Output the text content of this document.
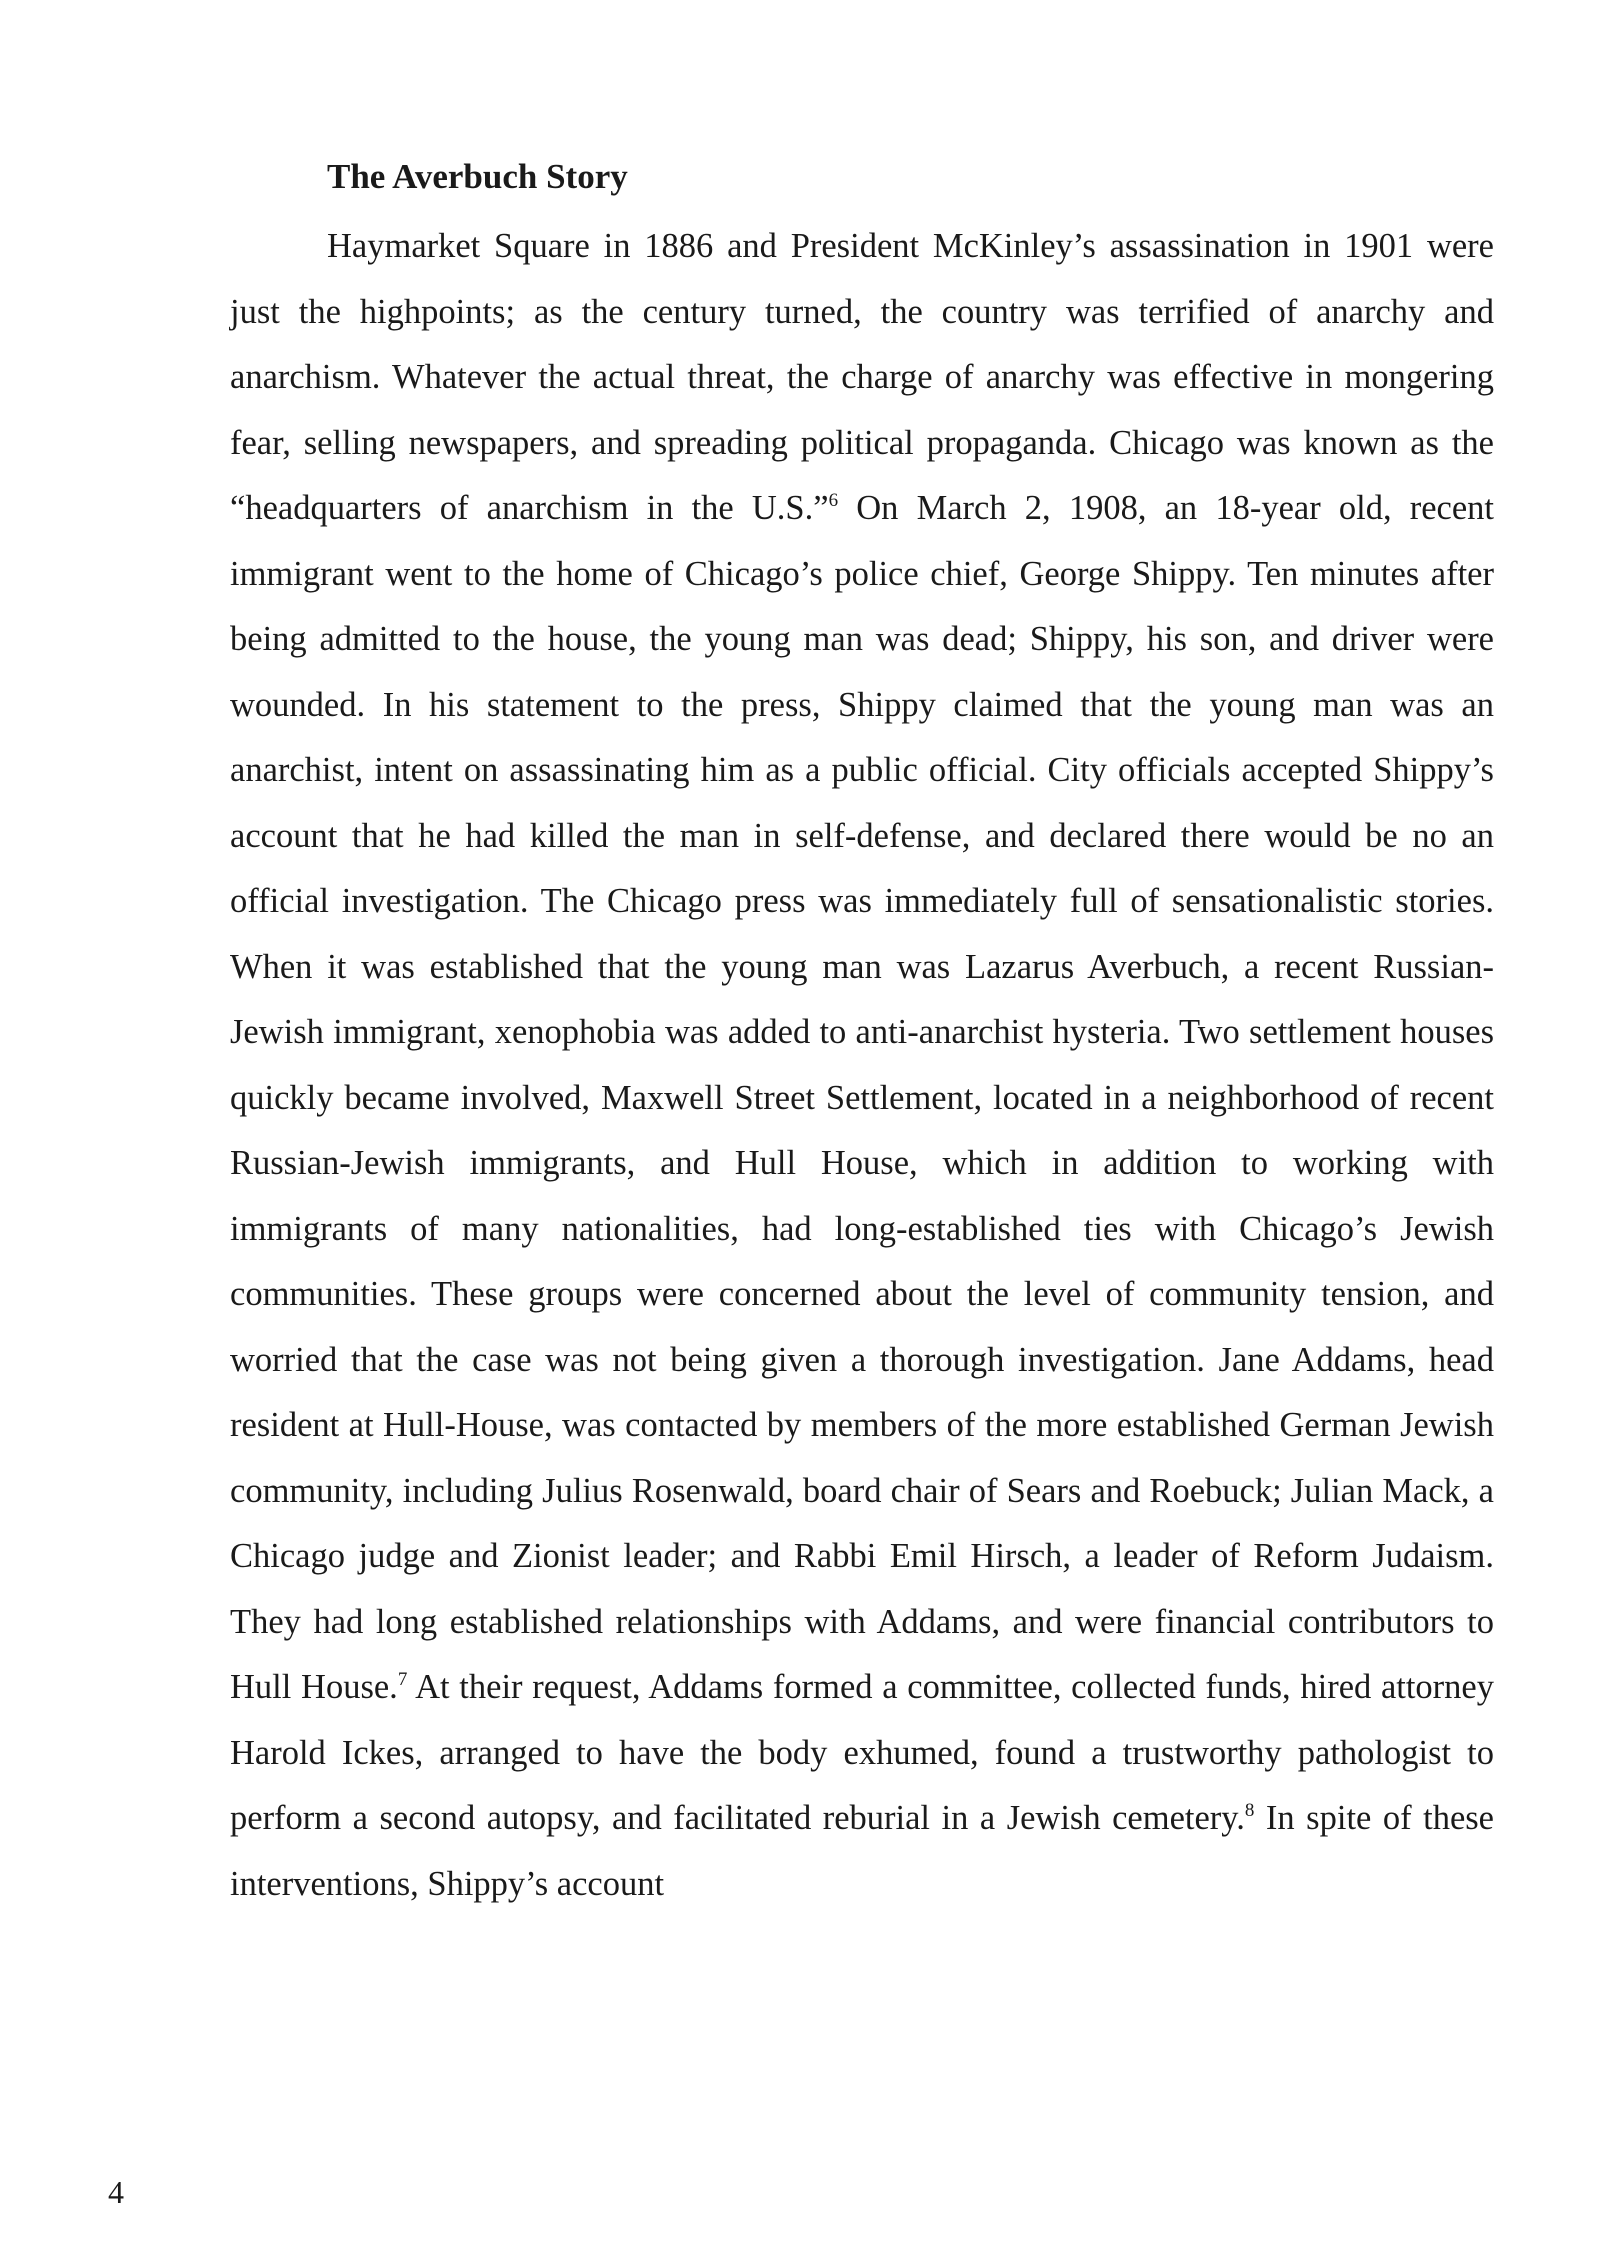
The Averbuch Story

Haymarket Square in 1886 and President McKinley’s assassination in 1901 were just the highpoints; as the century turned, the country was terrified of anarchy and anarchism. Whatever the actual threat, the charge of anarchy was effective in mongering fear, selling newspapers, and spreading political propaganda. Chicago was known as the “headquarters of anarchism in the U.S.”$^6$ On March 2, 1908, an 18-year old, recent immigrant went to the home of Chicago’s police chief, George Shippy. Ten minutes after being admitted to the house, the young man was dead; Shippy, his son, and driver were wounded. In his statement to the press, Shippy claimed that the young man was an anarchist, intent on assassinating him as a public official. City officials accepted Shippy’s account that he had killed the man in self-defense, and declared there would be no an official investigation. The Chicago press was immediately full of sensationalistic stories. When it was established that the young man was Lazarus Averbuch, a recent Russian-Jewish immigrant, xenophobia was added to anti-anarchist hysteria. Two settlement houses quickly became involved, Maxwell Street Settlement, located in a neighborhood of recent Russian-Jewish immigrants, and Hull House, which in addition to working with immigrants of many nationalities, had long-established ties with Chicago’s Jewish communities. These groups were concerned about the level of community tension, and worried that the case was not being given a thorough investigation. Jane Addams, head resident at Hull-House, was contacted by members of the more established German Jewish community, including Julius Rosenwald, board chair of Sears and Roebuck; Julian Mack, a Chicago judge and Zionist leader; and Rabbi Emil Hirsch, a leader of Reform Judaism. They had long established relationships with Addams, and were financial contributors to Hull House.$^7$ At their request, Addams formed a committee, collected funds, hired attorney Harold Ickes, arranged to have the body exhumed, found a trustworthy pathologist to perform a second autopsy, and facilitated reburial in a Jewish cemetery.$^8$ In spite of these interventions, Shippy’s account

4
